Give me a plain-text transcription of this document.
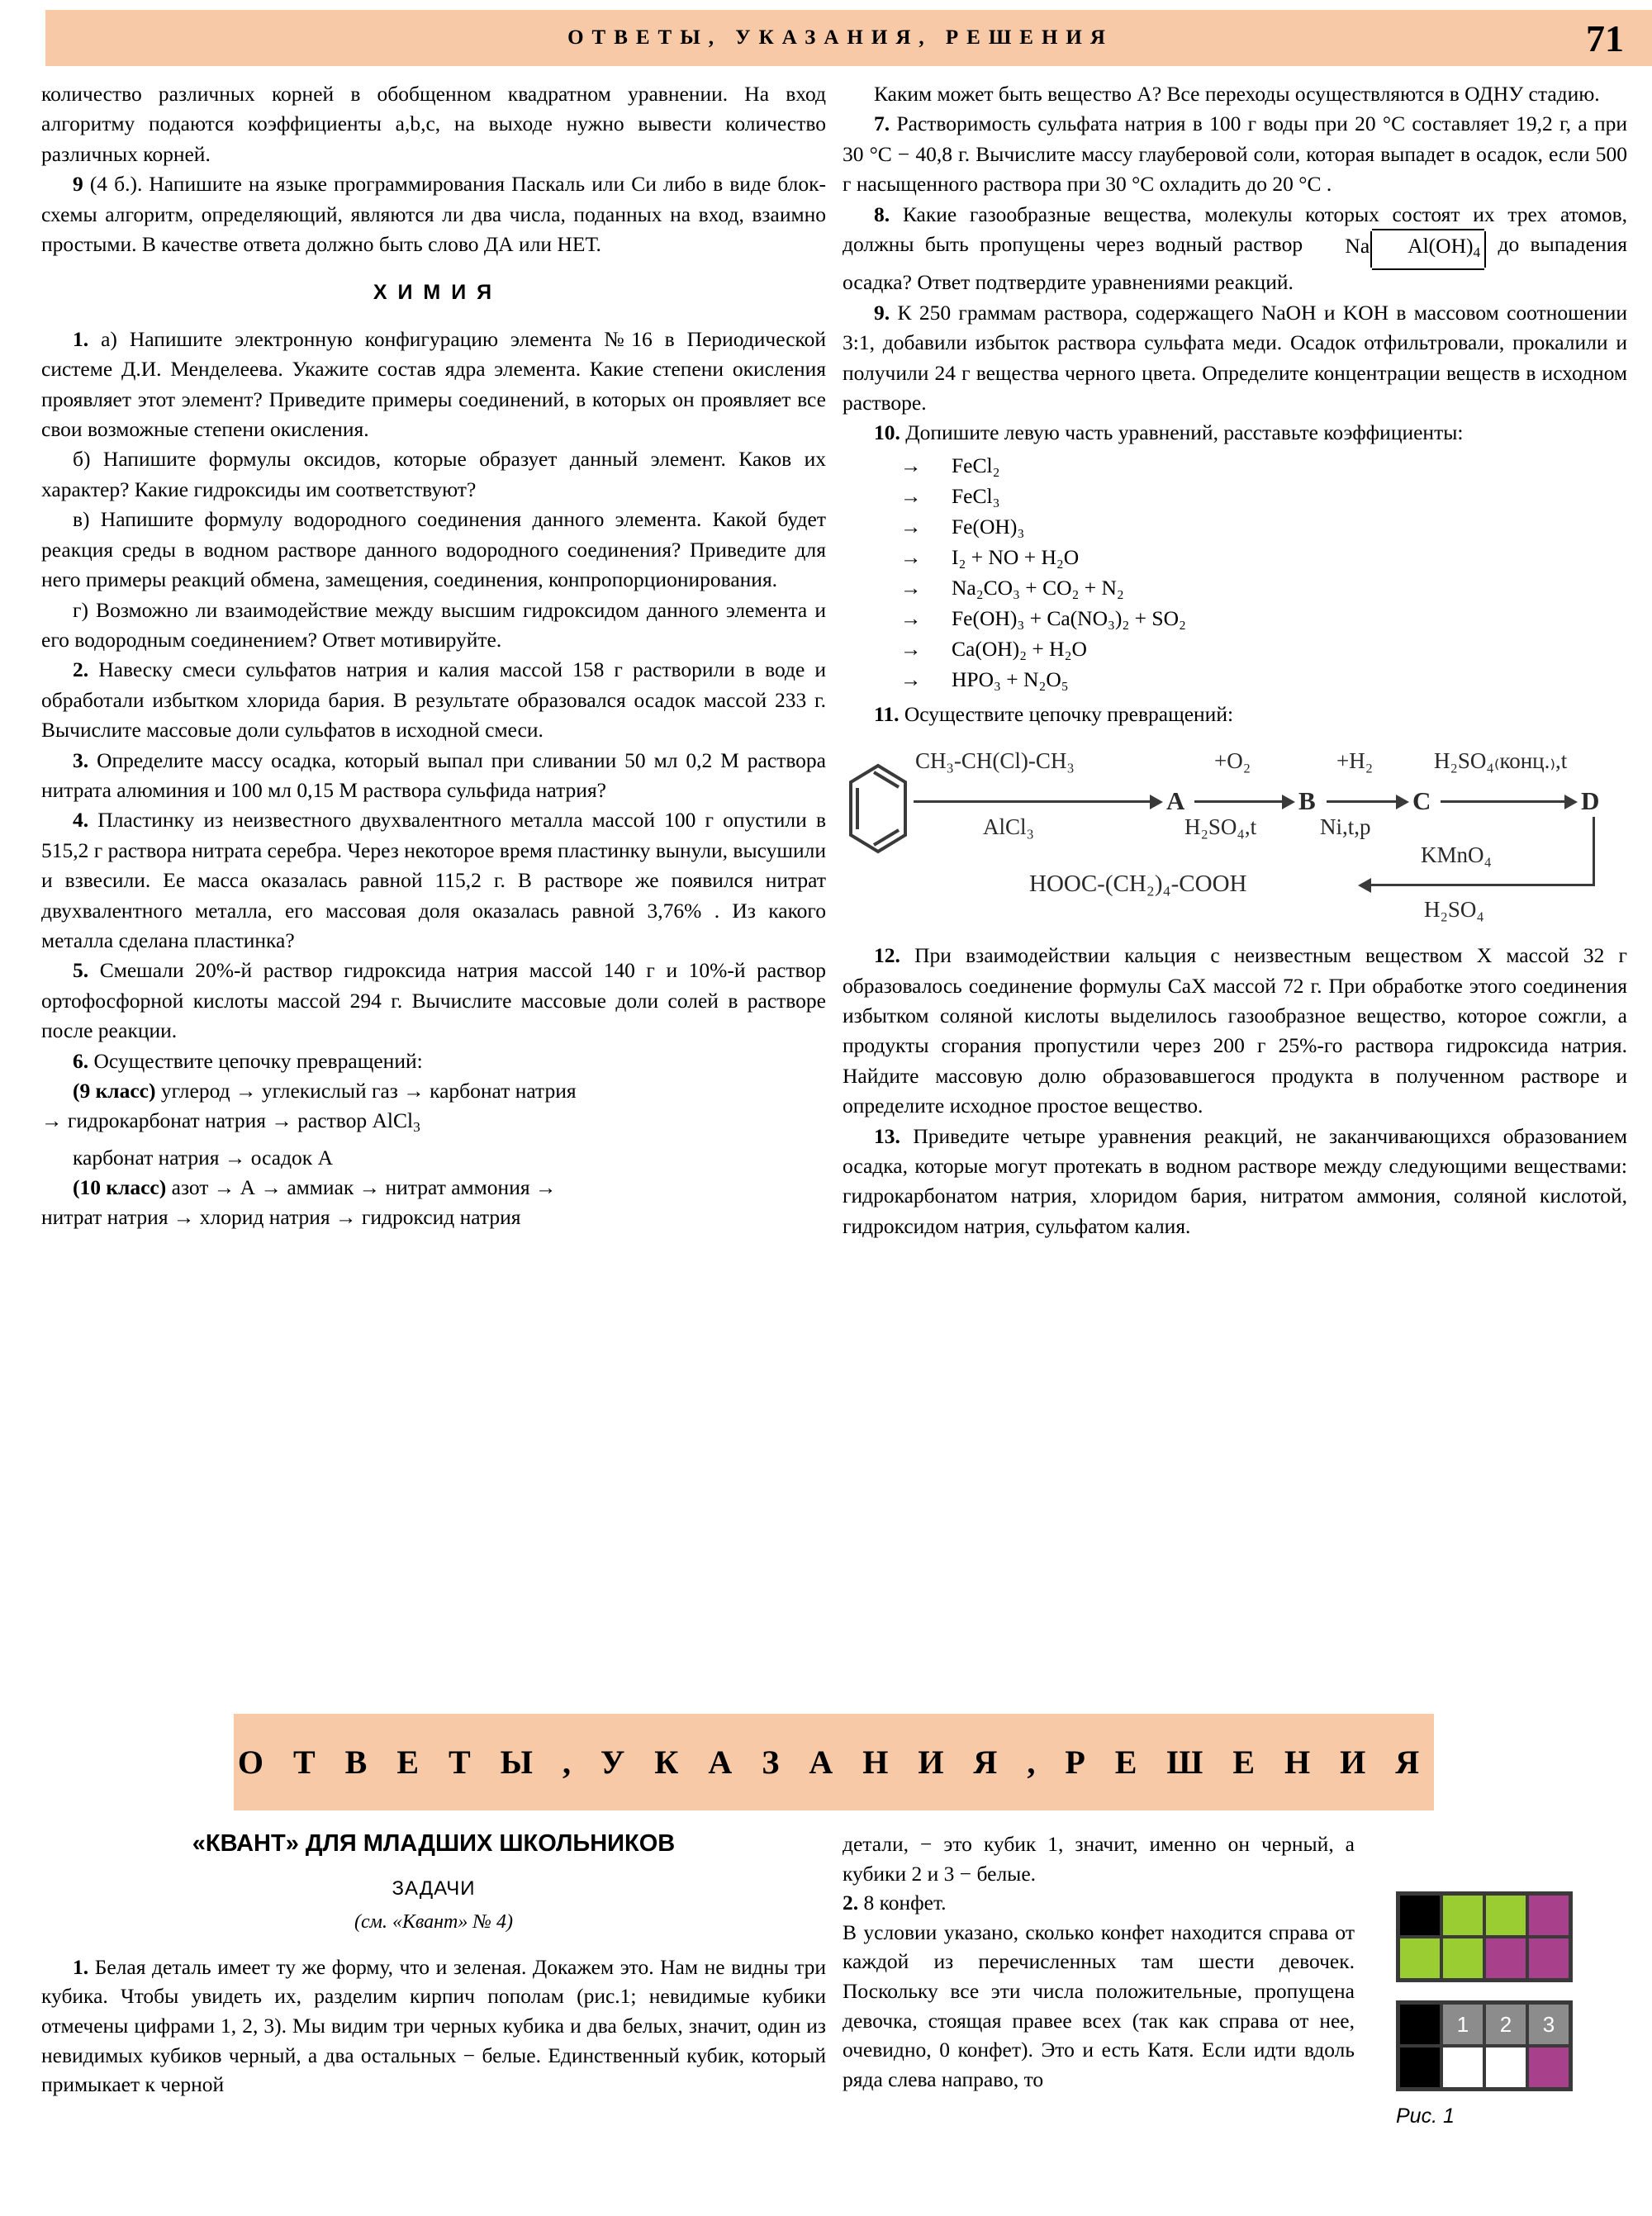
ОТВЕТЫ, УКАЗАНИЯ, РЕШЕНИЯ	71

количество различных корней в обобщенном квадратном уравнении. На вход алгоритму подаются коэффициенты a,b,c, на выходе нужно вывести количество различных корней.

9 (4 б.). Напишите на языке программирования Паскаль или Си либо в виде блок-схемы алгоритм, определяющий, являются ли два числа, поданных на вход, взаимно простыми. В качестве ответа должно быть слово ДА или НЕТ.

Х И М И Я

1. а) Напишите электронную конфигурацию элемента №16 в Периодической системе Д.И. Менделеева. Укажите состав ядра элемента. Какие степени окисления проявляет этот элемент? Приведите примеры соединений, в которых он проявляет все свои возможные степени окисления.

б) Напишите формулы оксидов, которые образует данный элемент. Каков их характер? Какие гидроксиды им соответствуют?

в) Напишите формулу водородного соединения данного элемента. Какой будет реакция среды в водном растворе данного водородного соединения? Приведите для него примеры реакций обмена, замещения, соединения, конпропорционирования.

г) Возможно ли взаимодействие между высшим гидроксидом данного элемента и его водородным соединением? Ответ мотивируйте.

2. Навеску смеси сульфатов натрия и калия массой 158 г растворили в воде и обработали избытком хлорида бария. В результате образовался осадок массой 233 г. Вычислите массовые доли сульфатов в исходной смеси.

3. Определите массу осадка, который выпал при сливании 50 мл 0,2 М раствора нитрата алюминия и 100 мл 0,15 М раствора сульфида натрия?

4. Пластинку из неизвестного двухвалентного металла массой 100 г опустили в 515,2 г раствора нитрата серебра. Через некоторое время пластинку вынули, высушили и взвесили. Ее масса оказалась равной 115,2 г. В растворе же появился нитрат двухвалентного металла, его массовая доля оказалась равной 3,76% . Из какого металла сделана пластинка?

5. Смешали 20%-й раствор гидроксида натрия массой 140 г и 10%-й раствор ортофосфорной кислоты массой 294 г. Вычислите массовые доли солей в растворе после реакции.

6. Осуществите цепочку превращений:

(9 класс) углерод → углекислый газ → карбонат натрия

→ гидрокарбонат натрия → раствор AlCl$_3$

карбонат натрия → осадок А

(10 класс) азот → А → аммиак → нитрат аммония →

нитрат натрия → хлорид натрия → гидроксид натрия

Каким может быть вещество А? Все переходы осуществляются в ОДНУ стадию.

7. Растворимость сульфата натрия в 100 г воды при 20 °C составляет 19,2 г, а при 30 °C − 40,8 г. Вычислите массу глауберовой соли, которая выпадет в осадок, если 500 г насыщенного раствора при 30 °C охладить до 20 °C .

8. Какие газообразные вещества, молекулы которых состоят их трех атомов, должны быть пропущены через водный раствор Na $Al(OH)_4$ до выпадения осадка? Ответ подтвердите уравнениями реакций.

9. К 250 граммам раствора, содержащего NaOH и KOH в массовом соотношении 3:1, добавили избыток раствора сульфата меди. Осадок отфильтровали, прокалили и получили 24 г вещества черного цвета. Определите концентрации веществ в исходном растворе.

10. Допишите левую часть уравнений, расставьте коэффициенты:

→	FeCl₂
→	FeCl₃
→	Fe(OH)₃
→	I₂ + NO + H₂O
→	Na₂CO₃ + CO₂ + N₂
→	Fe(OH)₃ + Ca(NO₃)₂ + SO₂
→	Ca(OH)₂ + H₂O
→	HPO₃ + N₂O₅

11. Осуществите цепочку превращений:

CH₃-CH(Cl)-CH₃
AlCl₃
A
+O₂
H₂SO₄,t
B
+H₂
Ni,t,p
C
H₂SO₄₍конц.₎,t
D
KMnO₄
H₂SO₄
HOOC-(CH₂)₄-COOH

12. При взаимодействии кальция с неизвестным веществом X массой 32 г образовалось соединение формулы CaX массой 72 г. При обработке этого соединения избытком соляной кислоты выделилось газообразное вещество, которое сожгли, а продукты сгорания пропустили через 200 г 25%-го раствора гидроксида натрия. Найдите массовую долю образовавшегося продукта в полученном растворе и определите исходное простое вещество.

13. Приведите четыре уравнения реакций, не заканчивающихся образованием осадка, которые могут протекать в водном растворе между следующими веществами: гидрокарбонатом натрия, хлоридом бария, нитратом аммония, соляной кислотой, гидроксидом натрия, сульфатом калия.

О Т В Е Т Ы , У К А З А Н И Я , Р Е Ш Е Н И Я
«КВАНТ» ДЛЯ МЛАДШИХ ШКОЛЬНИКОВ
ЗАДАЧИ
(см. «Квант» № 4)

1. Белая деталь имеет ту же форму, что и зеленая. Докажем это. Нам не видны три кубика. Чтобы увидеть их, разделим кирпич пополам (рис.1; невидимые кубики отмечены цифрами 1, 2, 3). Мы видим три черных кубика и два белых, значит, один из невидимых кубиков черный, а два остальных − белые. Единственный кубик, который примыкает к черной

детали, − это кубик 1, значит, именно он черный, а кубики 2 и 3 − белые.

2. 8 конфет.

В условии указано, сколько конфет находится справа от каждой из перечисленных там шести девочек. Поскольку все эти числа положительные, пропущена девочка, стоящая правее всех (так как справа от нее, очевидно, 0 конфет). Это и есть Катя. Если идти вдоль ряда слева направо, то

1	2	3
Рис. 1
